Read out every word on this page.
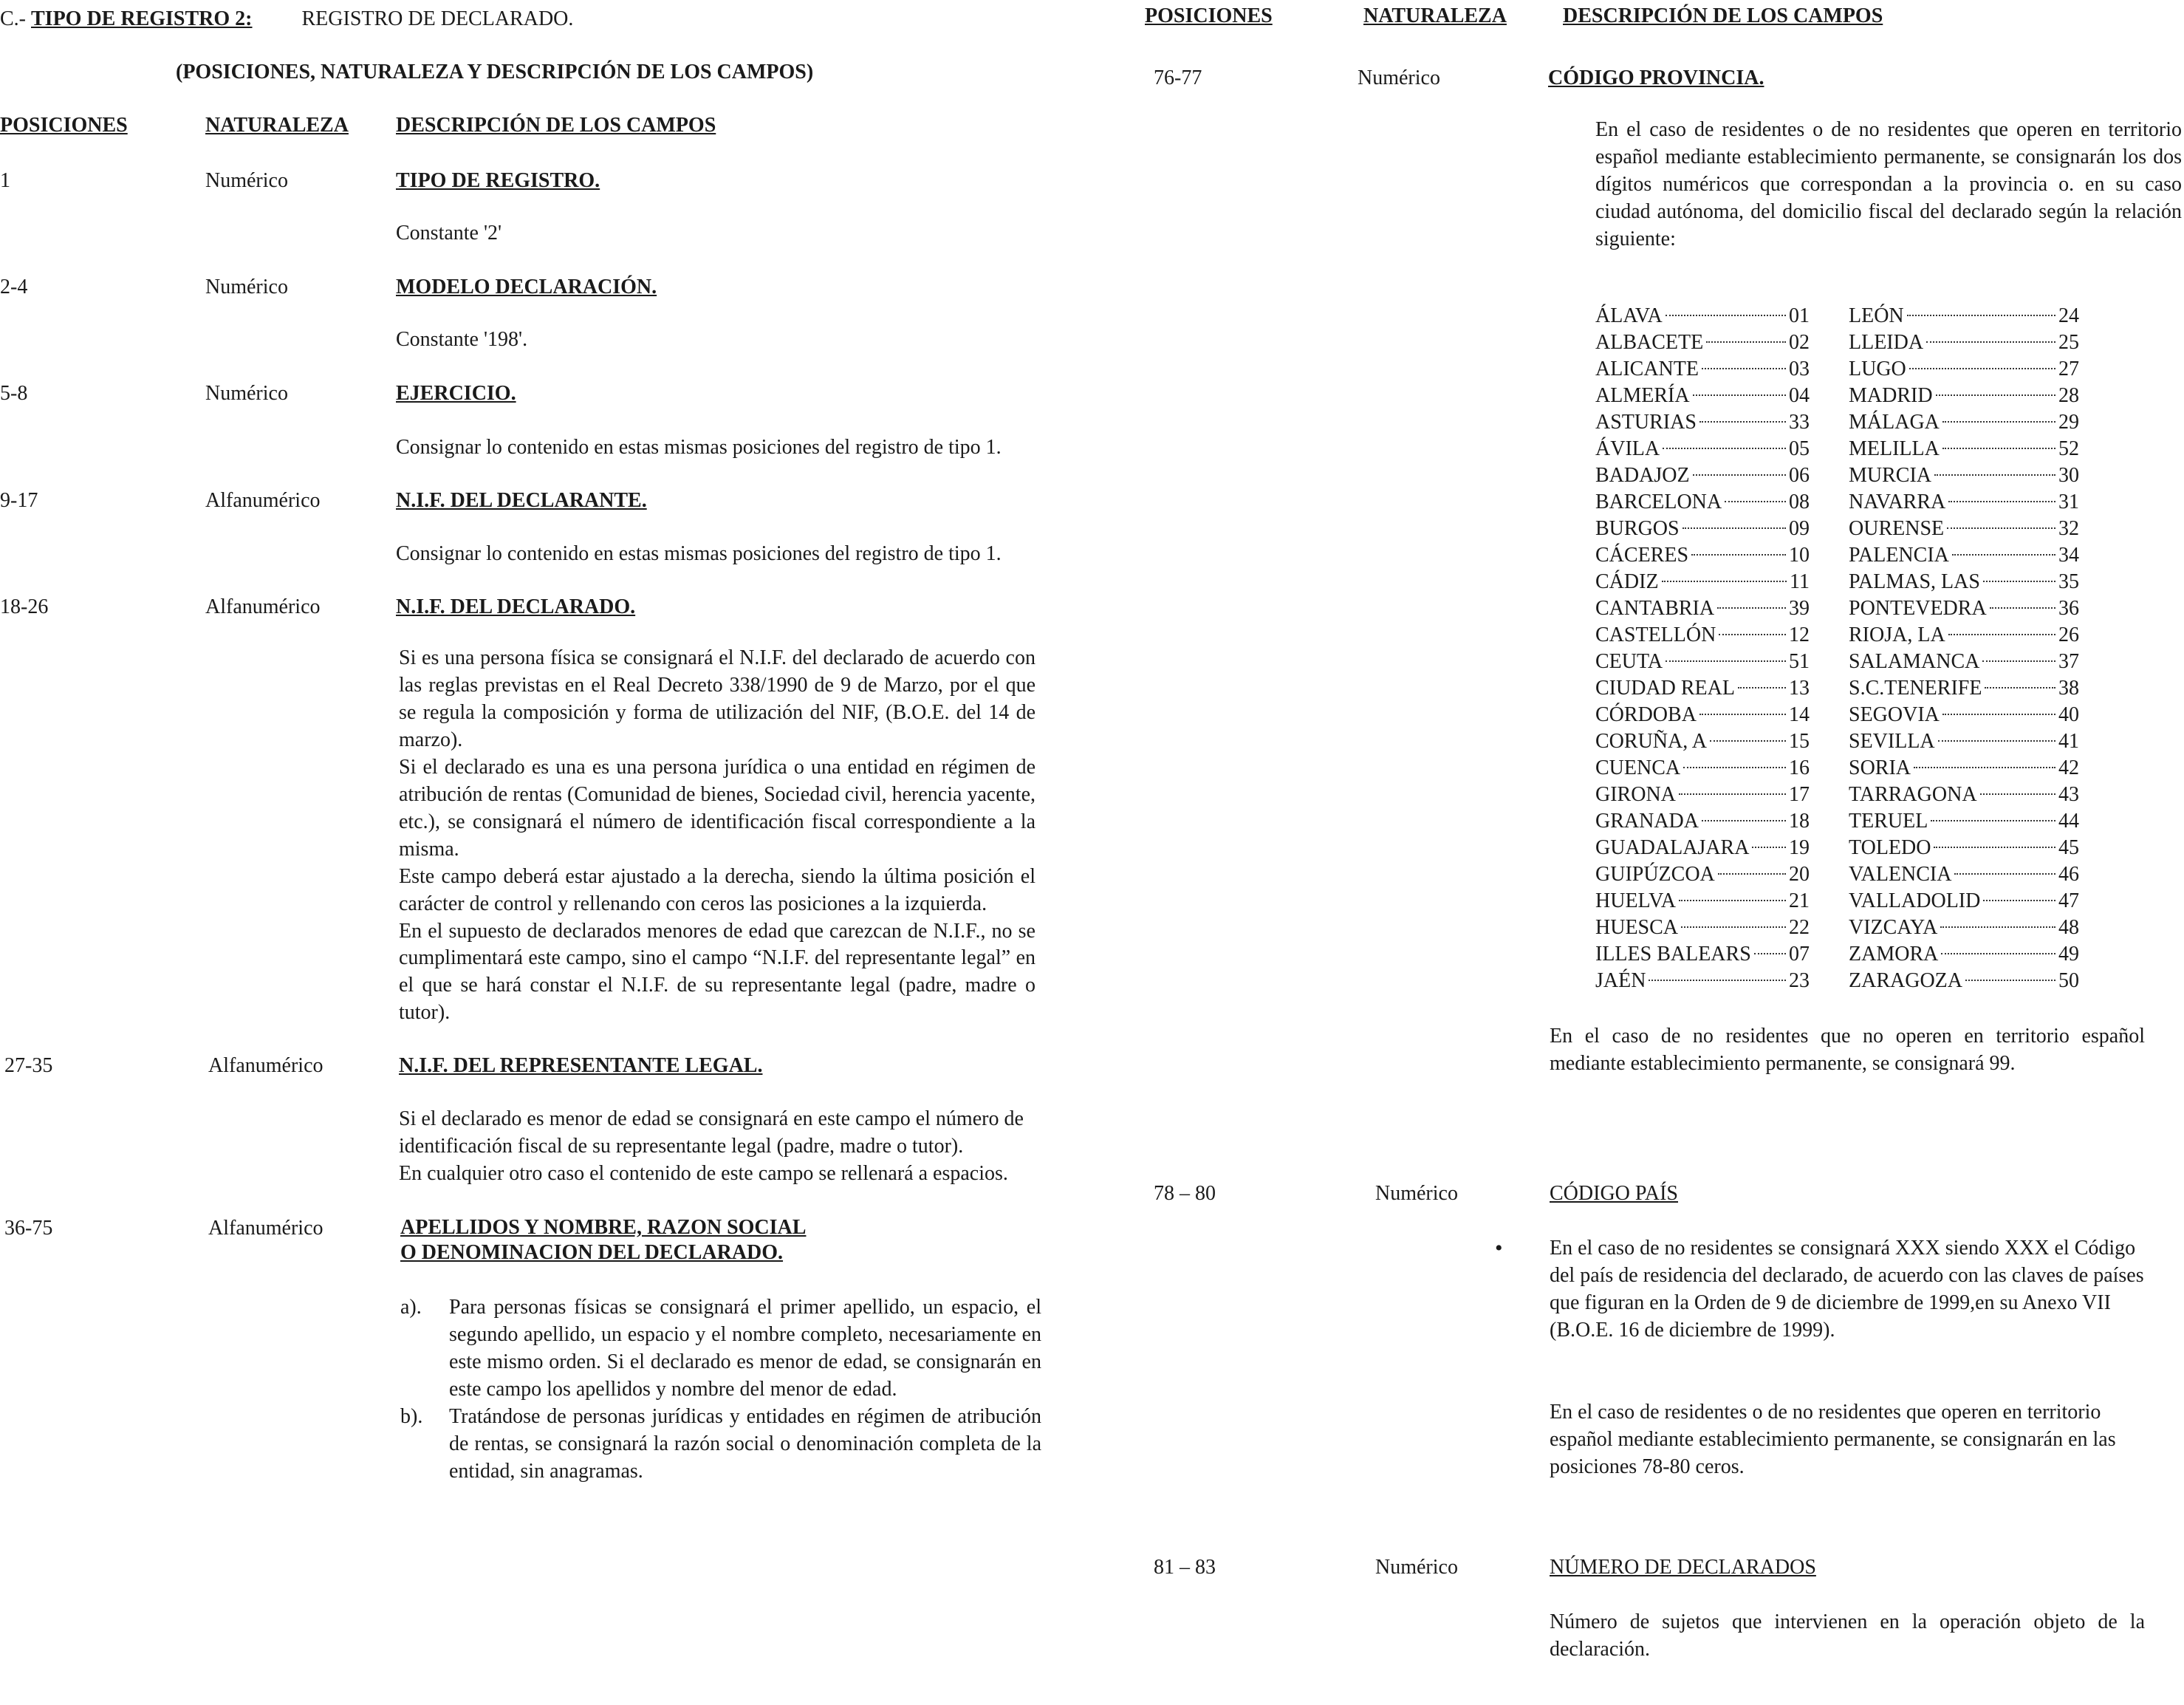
C.- TIPO DE REGISTRO 2: REGISTRO DE DECLARADO.
(POSICIONES, NATURALEZA Y DESCRIPCIÓN DE LOS CAMPOS)
POSICIONES	NATURALEZA DESCRIPCIÓN DE LOS CAMPOS
1	Numérico	TIPO DE REGISTRO.
Constante '2'
2-4	Numérico	MODELO DECLARACIÓN.
Constante '198'.
5-8	Numérico	EJERCICIO.
Consignar lo contenido en estas mismas posiciones del registro de tipo 1.
9-17	Alfanumérico	N.I.F. DEL DECLARANTE.
Consignar lo contenido en estas mismas posiciones del registro de tipo 1.
18-26	Alfanumérico	N.I.F. DEL DECLARADO.

Si es una persona física se consignará el N.I.F. del declarado de acuerdo con las reglas previstas en el Real Decreto 338/1990 de 9 de Marzo, por el que se regula la composición y forma de utilización del NIF, (B.O.E. del 14 de marzo).

Si el declarado es una es una persona jurídica o una entidad en régimen de atribución de rentas (Comunidad de bienes, Sociedad civil, herencia yacente, etc.), se consignará el número de identificación fiscal correspondiente a la misma.

Este campo deberá estar ajustado a la derecha, siendo la última posición el carácter de control y rellenando con ceros las posiciones a la izquierda.

En el supuesto de declarados menores de edad que carezcan de N.I.F., no se cumplimentará este campo, sino el campo “N.I.F. del representante legal” en el que se hará constar el N.I.F. de su representante legal (padre, madre o tutor).

27-35	Alfanumérico	N.I.F. DEL REPRESENTANTE LEGAL.

Si el declarado es menor de edad se consignará en este campo el número de identificación fiscal de su representante legal (padre, madre o tutor).

En cualquier otro caso el contenido de este campo se rellenará a espacios.

36-75	Alfanumérico	APELLIDOS Y NOMBRE, RAZON SOCIAL
O DENOMINACION DEL DECLARADO.
a).	Para personas físicas se consignará el primer apellido, un espacio, el segundo apellido, un espacio y el nombre completo, necesariamente en este mismo orden. Si el declarado es menor de edad, se consignarán en este campo los apellidos y nombre del menor de edad.
b).	Tratándose de personas jurídicas y entidades en régimen de atribución de rentas, se consignará la razón social o denominación completa de la entidad, sin anagramas.
POSICIONES	NATURALEZA	DESCRIPCIÓN DE LOS CAMPOS
76-77	Numérico	CÓDIGO PROVINCIA.
En el caso de residentes o de no residentes que operen en territorio español mediante establecimiento permanente, se consignarán los dos dígitos numéricos que correspondan a la provincia o. en su caso ciudad autónoma, del domicilio fiscal del declarado según la relación siguiente:
ÁLAVA	01
ALBACETE	02
ALICANTE	03
ALMERÍA	04
ASTURIAS	33
ÁVILA	05
BADAJOZ	06
BARCELONA	08
BURGOS	09
CÁCERES	10
CÁDIZ	11
CANTABRIA	39
CASTELLÓN	12
CEUTA	51
CIUDAD REAL	13
CÓRDOBA	14
CORUÑA, A	15
CUENCA	16
GIRONA	17
GRANADA	18
GUADALAJARA 19
GUIPÚZCOA	20
HUELVA	21
HUESCA	22
ILLES BALEARS 07
JAÉN	23
LEÓN	24
LLEIDA	25
LUGO	27
MADRID	28
MÁLAGA	29
MELILLA	52
MURCIA	30
NAVARRA	31
OURENSE	32
PALENCIA	34
PALMAS, LAS	35
PONTEVEDRA	36
RIOJA, LA	26
SALAMANCA	37
S.C.TENERIFE	38
SEGOVIA	40
SEVILLA	41
SORIA	42
TARRAGONA	43
TERUEL	44
TOLEDO	45
VALENCIA	46
VALLADOLID	47
VIZCAYA	48
ZAMORA	49
ZARAGOZA	50
En el caso de no residentes que no operen en territorio español mediante establecimiento permanente, se consignará 99.
78 – 80	Numérico	CÓDIGO PAÍS
• En el caso de no residentes se consignará XXX siendo XXX el Código del país de residencia del declarado, de acuerdo con las claves de países que figuran en la Orden de 9 de diciembre de 1999,en su Anexo VII (B.O.E. 16 de diciembre de 1999).
En el caso de residentes o de no residentes que operen en territorio español mediante establecimiento permanente, se consignarán en las posiciones 78-80 ceros.
81 – 83	Numérico	NÚMERO DE DECLARADOS
Número de sujetos que intervienen en la operación objeto de la declaración.
